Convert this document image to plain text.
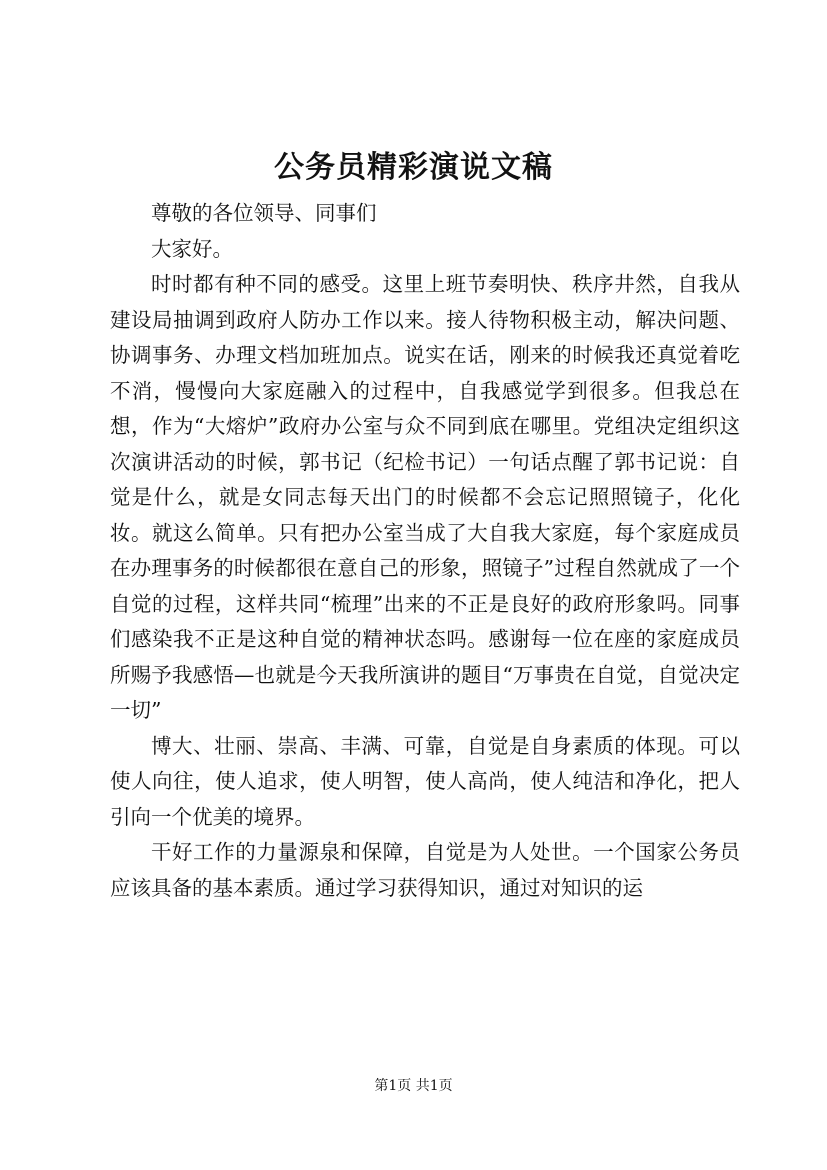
公务员精彩演说文稿

尊敬的各位领导、同事们

大家好。

时时都有种不同的感受。这里上班节奏明快、秩序井然，自我从建设局抽调到政府人防办工作以来。接人待物积极主动，解决问题、协调事务、办理文档加班加点。说实在话，刚来的时候我还真觉着吃不消，慢慢向大家庭融入的过程中，自我感觉学到很多。但我总在想，作为“大熔炉”政府办公室与众不同到底在哪里。党组决定组织这次演讲活动的时候，郭书记（纪检书记）一句话点醒了郭书记说：自觉是什么，就是女同志每天出门的时候都不会忘记照照镜子，化化妆。就这么简单。只有把办公室当成了大自我大家庭，每个家庭成员在办理事务的时候都很在意自己的形象，照镜子”过程自然就成了一个自觉的过程，这样共同“梳理”出来的不正是良好的政府形象吗。同事们感染我不正是这种自觉的精神状态吗。感谢每一位在座的家庭成员所赐予我感悟—也就是今天我所演讲的题目“万事贵在自觉，自觉决定一切”

博大、壮丽、崇高、丰满、可靠，自觉是自身素质的体现。可以使人向往，使人追求，使人明智，使人高尚，使人纯洁和净化，把人引向一个优美的境界。

干好工作的力量源泉和保障，自觉是为人处世。一个国家公务员应该具备的基本素质。通过学习获得知识，通过对知识的运

第1页 共1页
